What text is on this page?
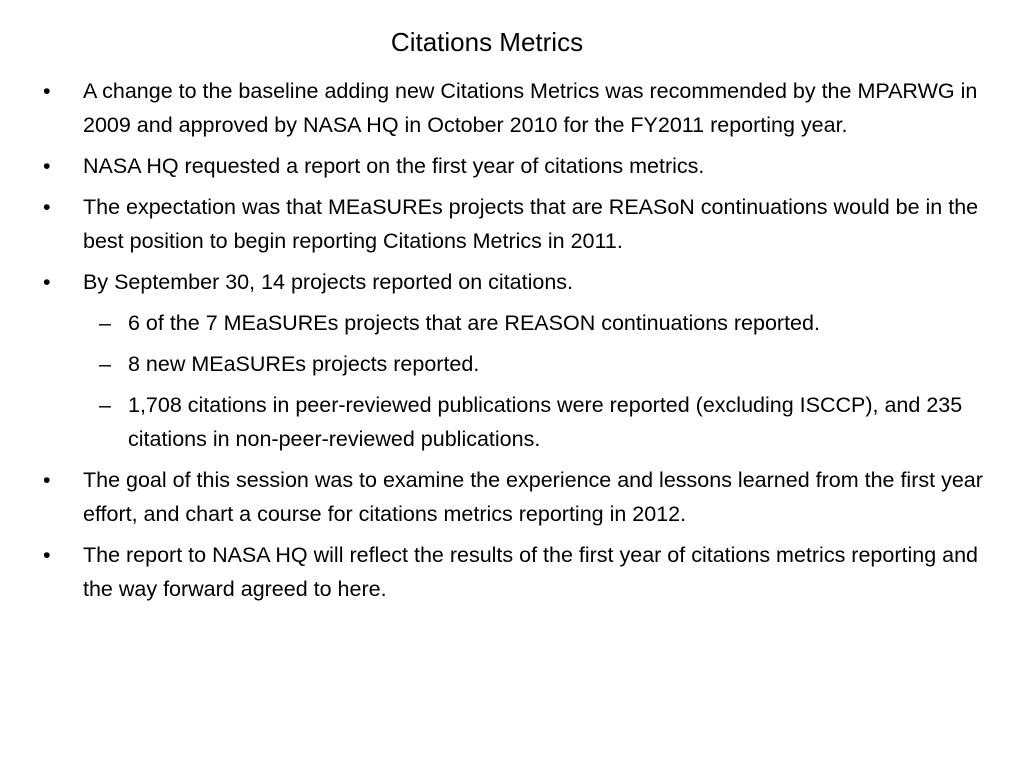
Citations Metrics
• A change to the baseline adding new Citations Metrics was recommended by the MPARWG in 2009 and approved by NASA HQ in October 2010 for the FY2011 reporting year.
• NASA HQ requested a report on the first year of citations metrics.
• The expectation was that MEaSUREs projects that are REASoN continuations would be in the best position to begin reporting Citations Metrics in 2011.
• By September 30, 14 projects reported on citations.
– 6 of the 7 MEaSUREs projects that are REASON continuations reported.
– 8 new MEaSUREs projects reported.
– 1,708 citations in peer-reviewed publications were reported (excluding ISCCP), and 235 citations in non-peer-reviewed publications.
• The goal of this session was to examine the experience and lessons learned from the first year effort, and chart a course for citations metrics reporting in 2012.
• The report to NASA HQ will reflect the results of the first year of citations metrics reporting and the way forward agreed to here.
